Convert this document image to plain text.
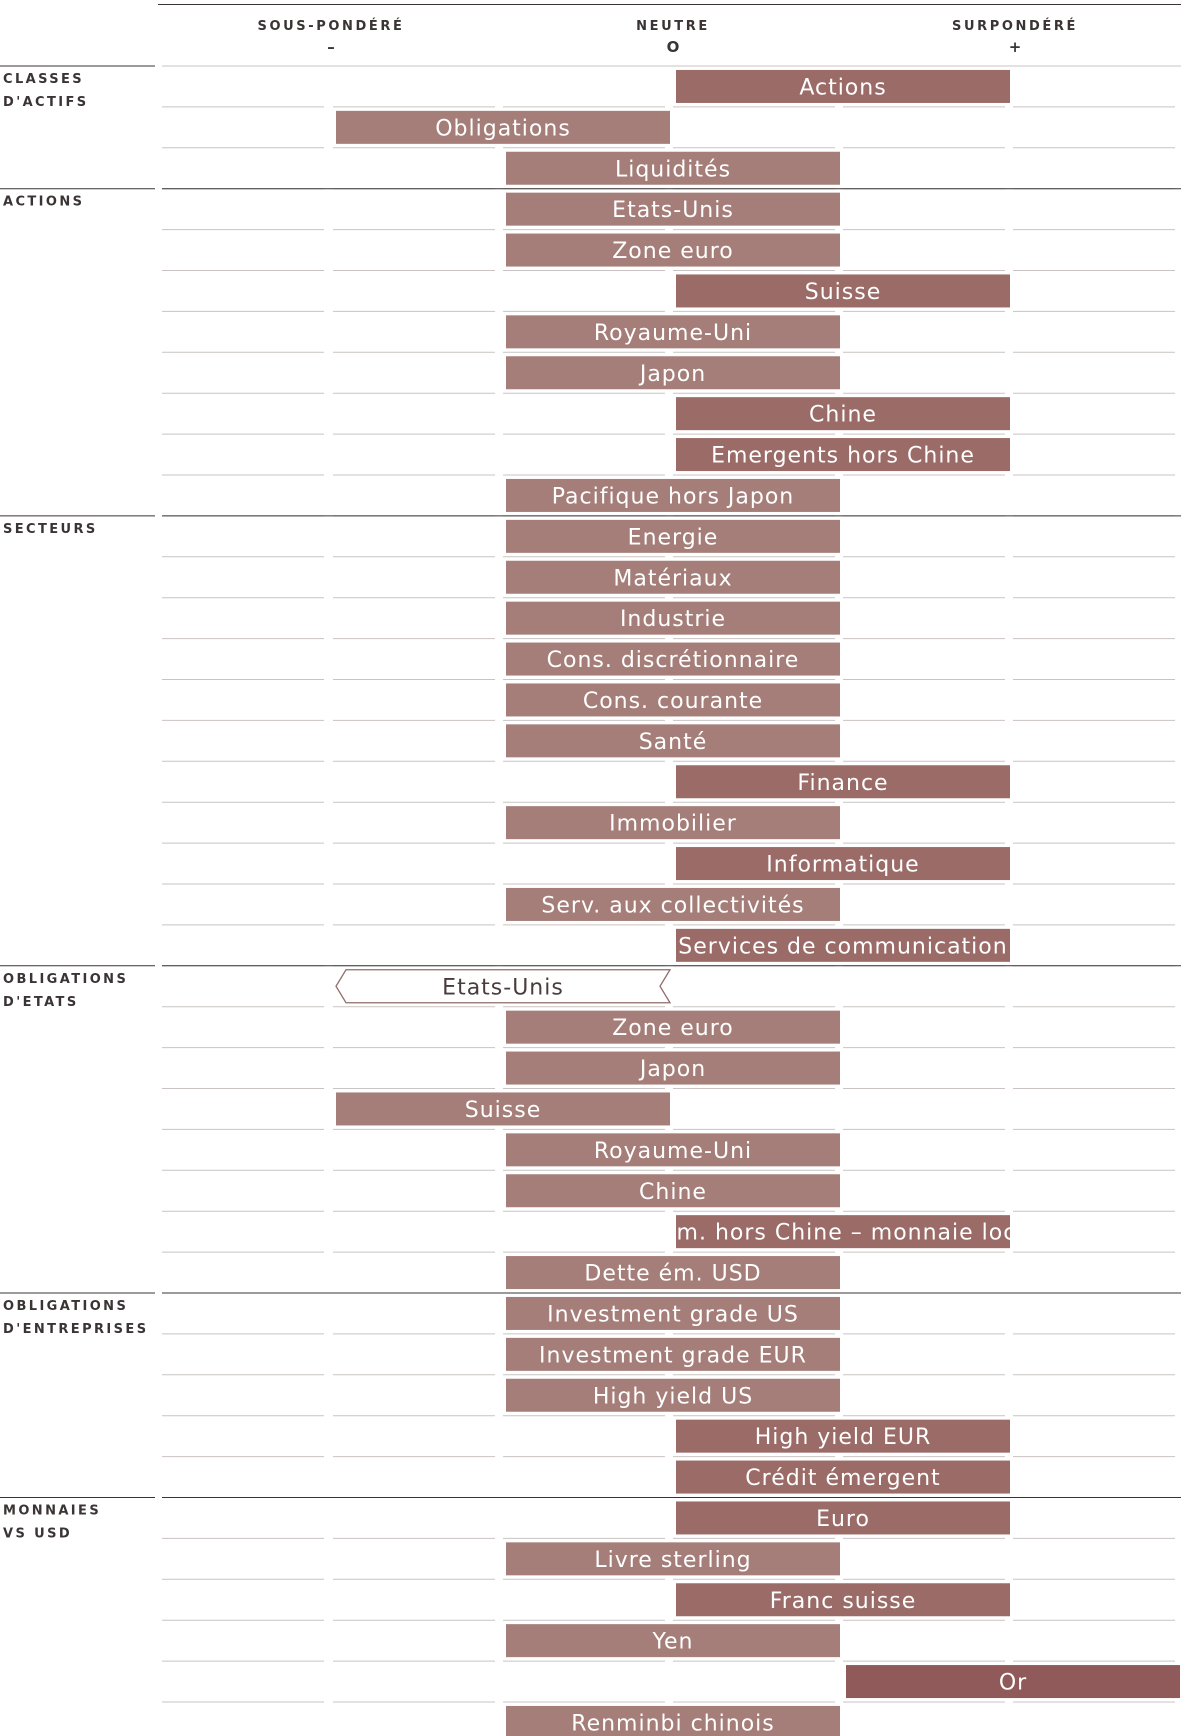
SOUS-PONDÉRÉ
–
NEUTRE
O
SURPONDÉRÉ
+
CLASSES
D'ACTIFS
Actions
Obligations
Liquidités
ACTIONS	Etats-Unis
Zone euro
Suisse
Royaume-Uni
Japon
Chine
Emergents hors Chine
Pacifique hors Japon
SECTEURS	Energie
Matériaux
Industrie
Cons. discrétionnaire
Cons. courante
Santé
Finance
Immobilier
Informatique
Serv. aux collectivités
Services de communication
OBLIGATIONS
D'ETATS
Etats-Unis
Zone euro
Japon
Suisse
Royaume-Uni
Chine
Em. hors Chine – monnaie loc.
Dette ém. USD
OBLIGATIONS
D'ENTREPRISES
Investment grade US
Investment grade EUR
High yield US
High yield EUR
Crédit émergent
MONNAIES
VS USD
Euro
Livre sterling
Franc suisse
Yen
Or
Renminbi chinois
